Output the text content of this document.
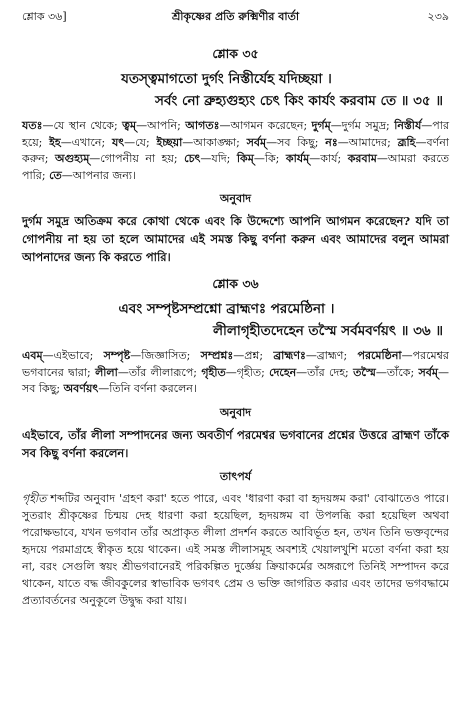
শ্লোক ৩৬]	শ্রীকৃষ্ণের প্রতি রুক্মিণীর বার্তা	২৩৯
শ্লোক ৩৫
যতস্ত্বমাগতো দুর্গং নিস্তীর্যেহ যদিচ্ছয়া ।
সর্বং নো ব্রুহ্যগুহ্যং চেৎ কিং কার্যং করবাম তে ॥ ৩৫ ॥
যতঃ—যে স্থান থেকে; ত্বম্—আপনি; আগতঃ—আগমন করেছেন; দুর্গম্—দুর্গম সমুদ্র; নিস্তীর্য—পার হয়ে; ইহ—এখানে; যৎ—যে; ইচ্ছয়া—আকাঙ্ক্ষা; সর্বম্—সব কিছু; নঃ—আমাদের; ব্রূহি—বর্ণনা করুন; অগুহ্যম্—গোপনীয় না হয়; চেৎ—যদি; কিম্—কি; কার্যম্—কার্য; করবাম—আমরা করতে পারি; তে—আপনার জন্য।
অনুবাদ
দুর্গম সমুদ্র অতিক্রম করে কোথা থেকে এবং কি উদ্দেশ্যে আপনি আগমন করেছেন? যদি তা গোপনীয় না হয় তা হলে আমাদের এই সমস্ত কিছু বর্ণনা করুন এবং আমাদের বলুন আমরা আপনাদের জন্য কি করতে পারি।
শ্লোক ৩৬
এবং সম্পৃষ্টসম্প্রশ্নো ব্রাহ্মণঃ পরমেষ্ঠিনা ।
লীলাগৃহীতদেহেন তস্মৈ সর্বমবর্ণয়ৎ ॥ ৩৬ ॥
এবম্—এইভাবে; সম্পৃষ্ট—জিজ্ঞাসিত; সম্প্রশ্নঃ—প্রশ্ন; ব্রাহ্মণঃ—ব্রাহ্মণ; পরমেষ্ঠিনা—পরমেশ্বর ভগবানের দ্বারা; লীলা—তাঁর লীলারূপে; গৃহীত—গৃহীত; দেহেন—তাঁর দেহ; তস্মৈ—তাঁকে; সর্বম্—সব কিছু; অবর্ণয়ৎ—তিনি বর্ণনা করলেন।
অনুবাদ
এইভাবে, তাঁর লীলা সম্পাদনের জন্য অবতীর্ণ পরমেশ্বর ভগবানের প্রশ্নের উত্তরে ব্রাহ্মণ তাঁকে সব কিছু বর্ণনা করলেন।
তাৎপর্য
গৃহীত শব্দটির অনুবাদ 'গ্রহণ করা' হতে পারে, এবং 'ধারণা করা বা হৃদয়ঙ্গম করা' বোঝাতেও পারে। সুতরাং শ্রীকৃষ্ণের চিন্ময় দেহ ধারণা করা হয়েছিল, হৃদয়ঙ্গম বা উপলব্ধি করা হয়েছিল অথবা পরোক্ষভাবে, যখন ভগবান তাঁর অপ্রাকৃত লীলা প্রদর্শন করতে আবির্ভূত হন, তখন তিনি ভক্তবৃন্দের হৃদয়ে পরমাগ্রহে স্বীকৃত হয়ে থাকেন। এই সমস্ত লীলাসমূহ অবশ্যই খেয়ালখুশি মতো বর্ণনা করা হয় না, বরং সেগুলি স্বয়ং শ্রীভগবানেরই পরিকল্পিত দুর্জ্ঞেয় ক্রিয়াকর্মের অঙ্গরূপে তিনিই সম্পাদন করে থাকেন, যাতে বদ্ধ জীবকুলের স্বাভাবিক ভগবৎ প্রেম ও ভক্তি জাগরিত করার এবং তাদের ভগবদ্ধামে প্রত্যাবর্তনের অনুকূলে উদ্বুদ্ধ করা যায়।
